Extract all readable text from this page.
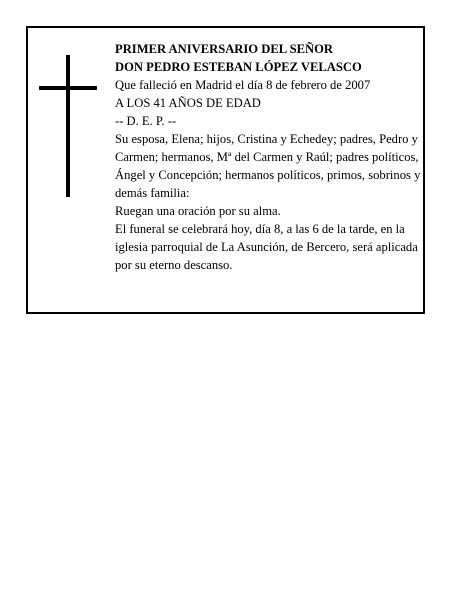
PRIMER ANIVERSARIO DEL SEÑOR

DON PEDRO ESTEBAN LÓPEZ VELASCO

Que falleció en Madrid el día 8 de febrero de 2007

A LOS 41 AÑOS DE EDAD

-- D. E. P. --

Su esposa, Elena; hijos, Cristina y Echedey; padres, Pedro y Carmen; hermanos, Mª del Carmen y Raúl; padres políticos, Ángel y Concepción; hermanos políticos, primos, sobrinos y demás familia:

Ruegan una oración por su alma.

El funeral se celebrará hoy, día 8, a las 6 de la tarde, en la iglesia parroquial de La Asunción, de Bercero, será aplicada por su eterno descanso.
